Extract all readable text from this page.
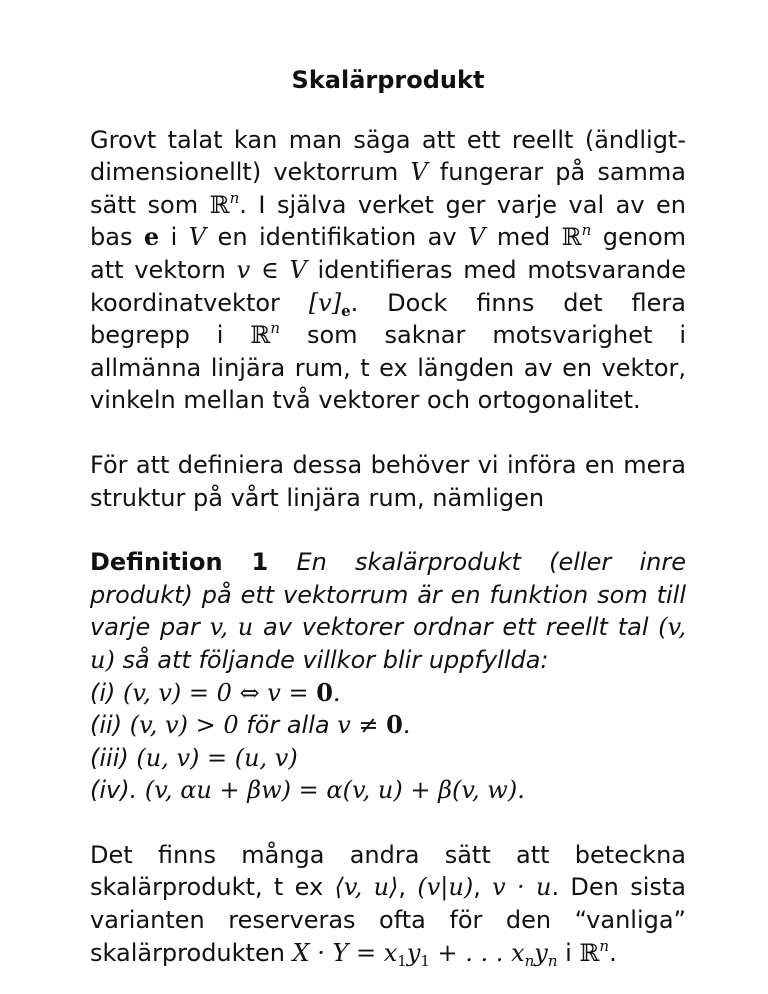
Skalärprodukt

Grovt talat kan man säga att ett reellt (ändligt-dimensionellt) vektorrum V fungerar på samma sätt som ℝ$^n$. I själva verket ger varje val av en bas e i V en identifikation av V med ℝ$^n$ genom att vektorn v ∈ V identifieras med motsvarande koordinatvektor $[v]_e$. Dock finns det flera begrepp i ℝ$^n$ som saknar motsvarighet i allmänna linjära rum, t ex längden av en vektor, vinkeln mellan två vektorer och ortogonalitet.

För att definiera dessa behöver vi införa en mera struktur på vårt linjära rum, nämligen

Definition 1 En skalärprodukt (eller inre produkt) på ett vektorrum är en funktion som till varje par v, u av vektorer ordnar ett reellt tal (v, u) så att följande villkor blir uppfyllda:

(i) (v, v) = 0 ⇔ v = 0.

(ii) (v, v) > 0 för alla v ≠ 0.

(iii) (u, v) = (u, v)

(iv). (v, αu + βw) = α(v, u) + β(v, w).

Det finns många andra sätt att beteckna skalärprodukt, t ex ⟨v, u⟩, (v|u), v · u. Den sista varianten reserveras ofta för den “vanliga” skalärprodukten $X \cdot Y = x_1y_1$ + . . . $x_ny_n$ i ℝ$^n$.
